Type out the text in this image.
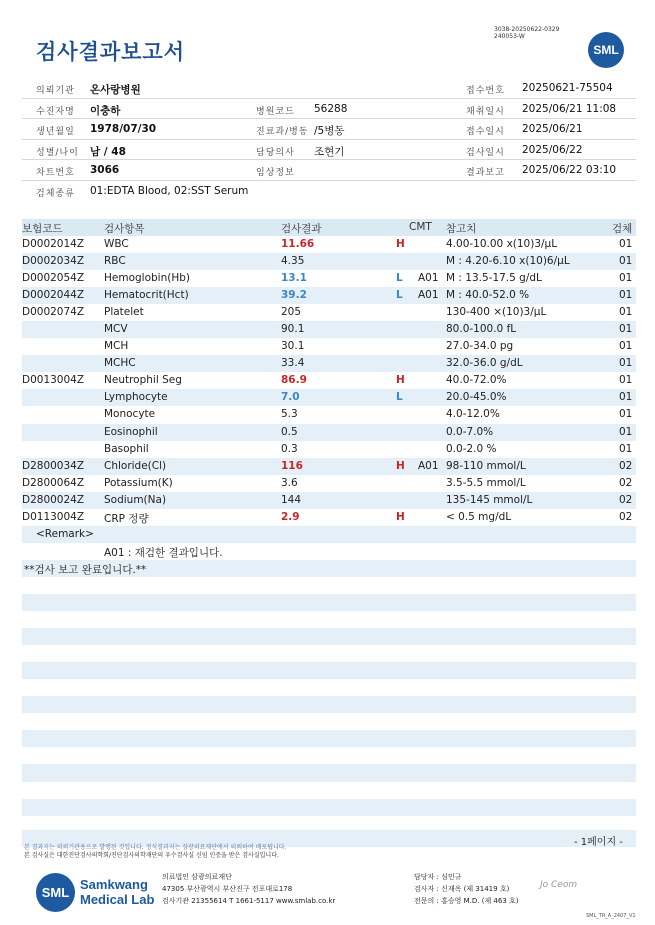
검사결과보고서
3038-20250622-0329
240053-W
SML
의뢰기관 온사랑병원	접수번호 20250621-75504
수진자명 이충하	병원코드 56288	채취일시 2025/06/21 11:08
생년월일 1978/07/30	진료과/병동 /5병동	접수일시 2025/06/21
성별/나이 남 / 48	담당의사 조현기	검사일시 2025/06/22
차트번호 3066	임상정보	결과보고 2025/06/22 03:10
검체종류 01:EDTA Blood, 02:SST Serum
보험코드	검사항목	검사결과	CMT 참고치	검체
D0002014Z WBC	11.66	H	4.00-10.00 x(10)3/μL	01
D0002034Z RBC	4.35	M : 4.20-6.10 x(10)6/μL	01
D0002054Z Hemoglobin(Hb)	13.1	L A01 M : 13.5-17.5 g/dL	01
D0002044Z Hematocrit(Hct)	39.2	L A01 M : 40.0-52.0 %	01
D0002074Z Platelet	205	130-400 ×(10)3/μL	01
MCV	90.1	80.0-100.0 fL	01
MCH	30.1	27.0-34.0 pg	01
MCHC	33.4	32.0-36.0 g/dL	01
D0013004Z Neutrophil Seg	86.9	H	40.0-72.0%	01
Lymphocyte	7.0	L	20.0-45.0%	01
Monocyte	5.3	4.0-12.0%	01
Eosinophil	0.5	0.0-7.0%	01
Basophil	0.3	0.0-2.0 %	01
D2800034Z Chloride(Cl)	116	H A01 98-110 mmol/L	02
D2800064Z Potassium(K)	3.6	3.5-5.5 mmol/L	02
D2800024Z Sodium(Na)	144	135-145 mmol/L	02
D0113004Z CRP 정량	2.9	H	< 0.5 mg/dL	02
<Remark>
A01 : 재검한 결과입니다.
**검사 보고 완료입니다.**
- 1페이지 -
본 결과지는 의뢰기관용으로 발행된 것입니다. 정식결과지는 삼광의료재단에서 의뢰하여 배포됩니다.
본 검사실은 대한진단검사의학회/진단검사의학재단의 우수검사실 신임 인증을 받은 검사실입니다.
SML
Samkwang
Medical Lab
의료법인 삼광의료재단
47305 부산광역시 부산진구 전포대로178
검사기관 21355614 T 1661-5117 www.smlab.co.kr
담당자 : 심민규
검사자 : 신재옥 (제 31419 호)
전문의 : 홍승영 M.D. (제 463 호)
Jo Ceom
SML_TR_A_2407_V1
